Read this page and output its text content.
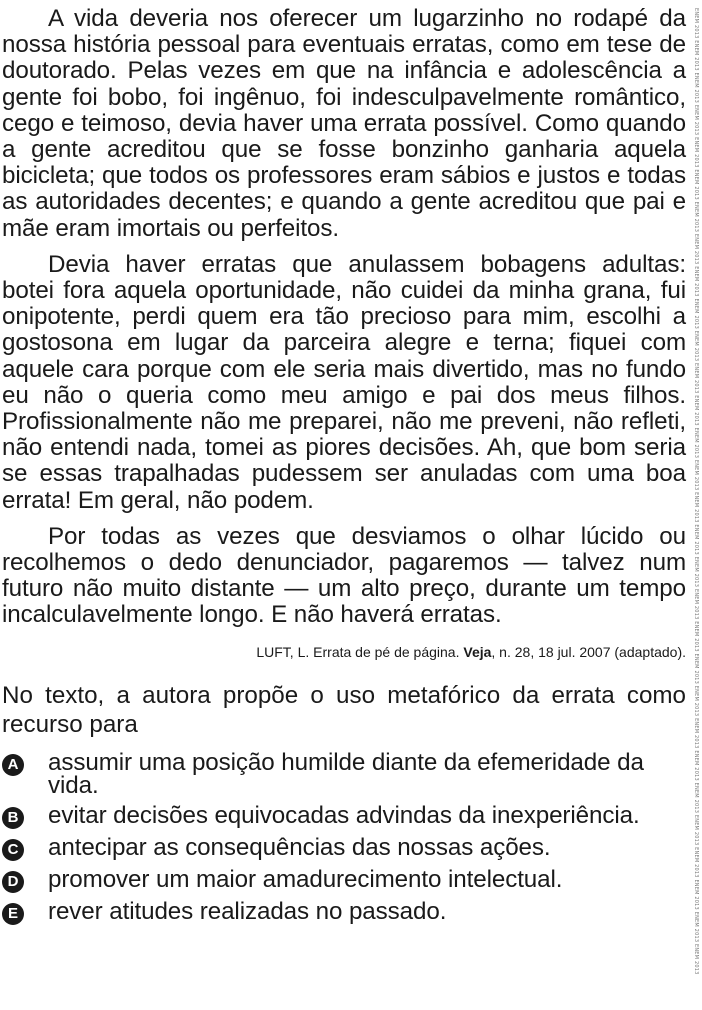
A vida deveria nos oferecer um lugarzinho no rodapé da nossa história pessoal para eventuais erratas, como em tese de doutorado. Pelas vezes em que na infância e adolescência a gente foi bobo, foi ingênuo, foi indesculpavelmente romântico, cego e teimoso, devia haver uma errata possível. Como quando a gente acreditou que se fosse bonzinho ganharia aquela bicicleta; que todos os professores eram sábios e justos e todas as autoridades decentes; e quando a gente acreditou que pai e mãe eram imortais ou perfeitos.

Devia haver erratas que anulassem bobagens adultas: botei fora aquela oportunidade, não cuidei da minha grana, fui onipotente, perdi quem era tão precioso para mim, escolhi a gostosona em lugar da parceira alegre e terna; fiquei com aquele cara porque com ele seria mais divertido, mas no fundo eu não o queria como meu amigo e pai dos meus filhos. Profissionalmente não me preparei, não me preveni, não refleti, não entendi nada, tomei as piores decisões. Ah, que bom seria se essas trapalhadas pudessem ser anuladas com uma boa errata! Em geral, não podem.

Por todas as vezes que desviamos o olhar lúcido ou recolhemos o dedo denunciador, pagaremos — talvez num futuro não muito distante — um alto preço, durante um tempo incalculavelmente longo. E não haverá erratas.

LUFT, L. Errata de pé de página. Veja, n. 28, 18 jul. 2007 (adaptado).

No texto, a autora propõe o uso metafórico da errata como recurso para

A assumir uma posição humilde diante da efemeridade da vida.
B evitar decisões equivocadas advindas da inexperiência.
C antecipar as consequências das nossas ações.
D promover um maior amadurecimento intelectual.
E rever atitudes realizadas no passado.	ENEM 2013 ENEM 2013 ENEM 2013 ENEM 2013 ENEM 2013 ENEM 2013 ENEM 2013 ENEM 2013 ENEM 2013 ENEM 2013 ENEM 2013 ENEM 2013 ENEM 2013 ENEM 2013 ENEM 2013 ENEM 2013 ENEM 2013 ENEM 2013 ENEM 2013 ENEM 2013 ENEM 2013 ENEM 2013 ENEM 2013 ENEM 2013 ENEM 2013 ENEM 2013 ENEM 2013 ENEM 2013 ENEM 2013 ENEM 2013
